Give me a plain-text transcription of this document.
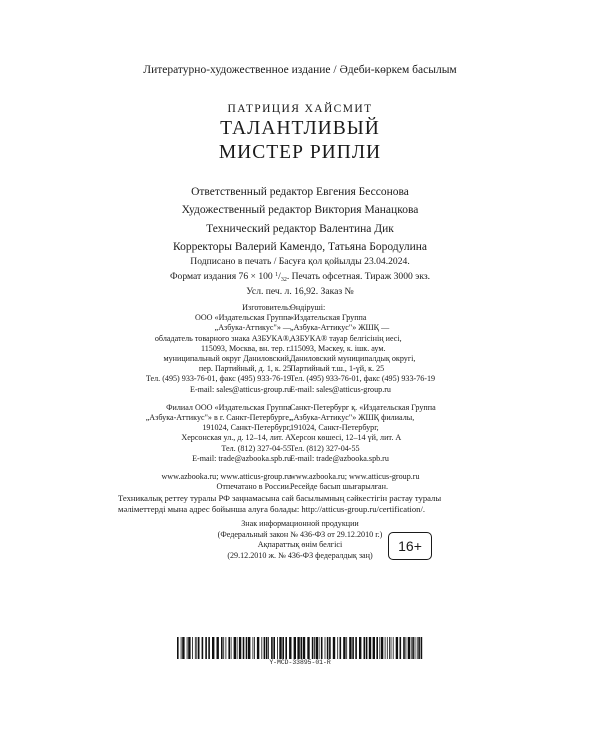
Литературно-художественное издание / Әдеби-көркем басылым
ПАТРИЦИЯ ХАЙСМИТ
ТАЛАНТЛИВЫЙ
МИСТЕР РИПЛИ
Ответственный редактор Евгения Бессонова
Художественный редактор Виктория Манацкова
Технический редактор Валентина Дик
Корректоры Валерий Камендо, Татьяна Бородулина
Подписано в печать / Басуға қол қойылды 23.04.2024.
Формат издания 76 × 100 $^1/_{32}$. Печать офсетная. Тираж 3000 экз.
Усл. печ. л. 16,92. Заказ №
Изготовитель:
ООО «Издательская Группа
„Азбука-Аттикус"» —
обладатель товарного знака АЗБУКА®,
115093, Москва, вн. тер. г.
муниципальный округ Даниловский,
пер. Партийный, д. 1, к. 25
Тел. (495) 933-76-01, факс (495) 933-76-19
E-mail: sales@atticus-group.ru
Филиал ООО «Издательская Группа
„Азбука-Аттикус"» в г. Санкт-Петербурге,
191024, Санкт-Петербург,
Херсонская ул., д. 12–14, лит. А
Тел. (812) 327-04-55
E-mail: trade@azbooka.spb.ru
www.azbooka.ru; www.atticus-group.ru
Отпечатано в России.
Өндіруші:
«Издательская Группа
„Азбука-Аттикус"» ЖШҚ —
АЗБУКА® тауар белгісінің иесі,
115093, Мәскеу, к. ішк. аум.
Даниловский муниципалдық округі,
Партийный т.ш., 1-үй, к. 25
Тел. (495) 933-76-01, факс (495) 933-76-19
E-mail: sales@atticus-group.ru
Санкт-Петербург қ. «Издательская Группа
„Азбука-Аттикус"» ЖШҚ филиалы,
191024, Санкт-Петербург,
Херсон көшесі, 12–14 үй, лит. А
Тел. (812) 327-04-55
E-mail: trade@azbooka.spb.ru
www.azbooka.ru; www.atticus-group.ru
Ресейде басып шығарылған.
Техникалық реттеу туралы РФ заңнамасына сай басылымның сәйкестігін растау туралы
мәліметтерді мына адрес бойынша алуға болады: http://atticus-group.ru/certification/.
Знак информационной продукции
(Федеральный закон № 436-ФЗ от 29.12.2010 г.)
Ақпараттық өнім белгісі
(29.12.2010 ж. № 436-ФЗ федералдық заң)
16+
Y-MCD-33895-01-R
